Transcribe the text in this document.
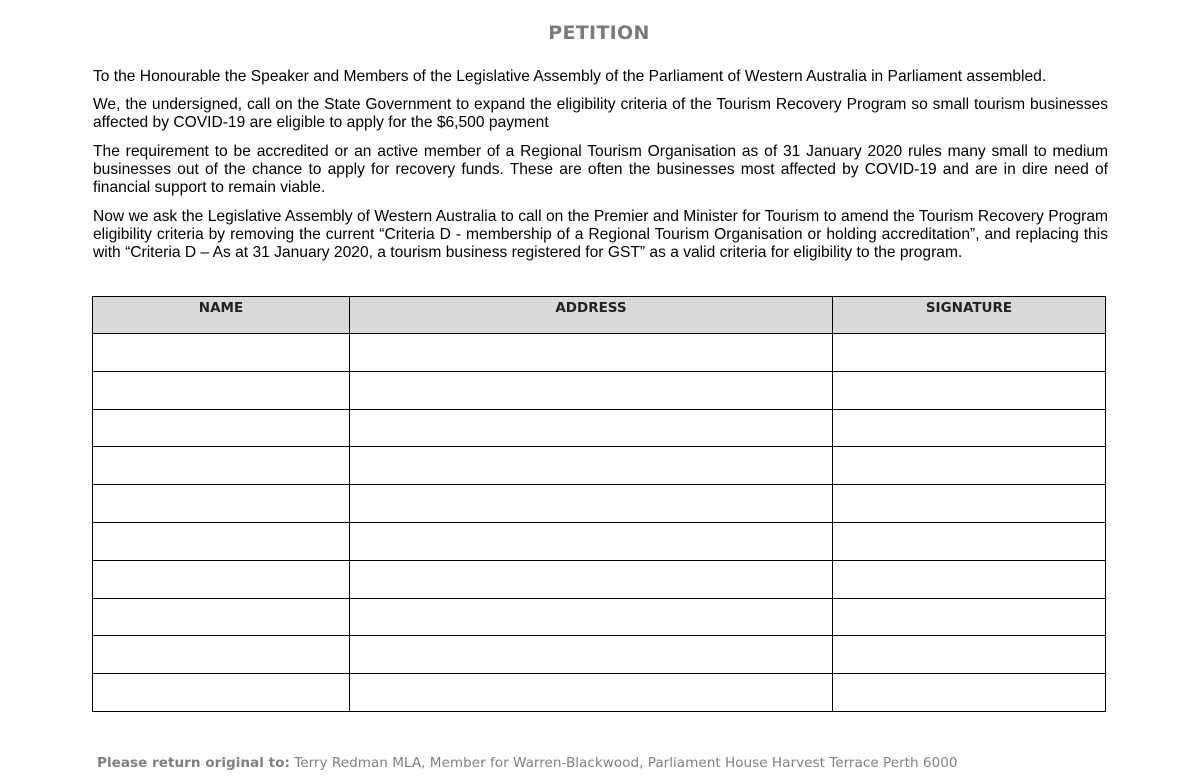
PETITION

To the Honourable the Speaker and Members of the Legislative Assembly of the Parliament of Western Australia in Parliament assembled.

We, the undersigned, call on the State Government to expand the eligibility criteria of the Tourism Recovery Program so small tourism businesses affected by COVID-19 are eligible to apply for the $6,500 payment

The requirement to be accredited or an active member of a Regional Tourism Organisation as of 31 January 2020 rules many small to medium businesses out of the chance to apply for recovery funds. These are often the businesses most affected by COVID-19 and are in dire need of financial support to remain viable.

Now we ask the Legislative Assembly of Western Australia to call on the Premier and Minister for Tourism to amend the Tourism Recovery Program eligibility criteria by removing the current “Criteria D - membership of a Regional Tourism Organisation or holding accreditation”, and replacing this with “Criteria D – As at 31 January 2020, a tourism business registered for GST” as a valid criteria for eligibility to the program.

NAME	ADDRESS	SIGNATURE

Please return original to: Terry Redman MLA, Member for Warren-Blackwood, Parliament House Harvest Terrace Perth 6000
